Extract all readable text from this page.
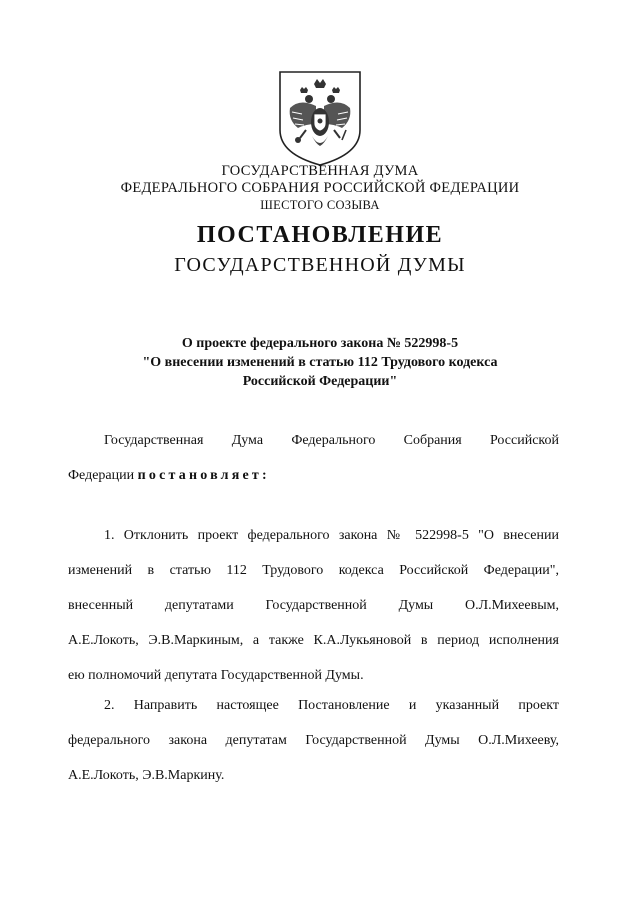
ГОСУДАРСТВЕННАЯ ДУМА
ФЕДЕРАЛЬНОГО СОБРАНИЯ РОССИЙСКОЙ ФЕДЕРАЦИИ
ШЕСТОГО СОЗЫВА
ПОСТАНОВЛЕНИЕ
ГОСУДАРСТВЕННОЙ ДУМЫ
О проекте федерального закона № 522998-5
"О внесении изменений в статью 112 Трудового кодекса
Российской Федерации"
Государственная Дума Федерального Собрания Российской
Федерации постановляет:
1. Отклонить проект федерального закона № 522998-5 "О внесении
изменений в статью 112 Трудового кодекса Российской Федерации",
внесенный депутатами Государственной Думы О.Л.Михеевым,
А.Е.Локоть, Э.В.Маркиным, а также К.А.Лукьяновой в период исполнения
ею полномочий депутата Государственной Думы.
2. Направить настоящее Постановление и указанный проект
федерального закона депутатам Государственной Думы О.Л.Михееву,
А.Е.Локоть, Э.В.Маркину.
